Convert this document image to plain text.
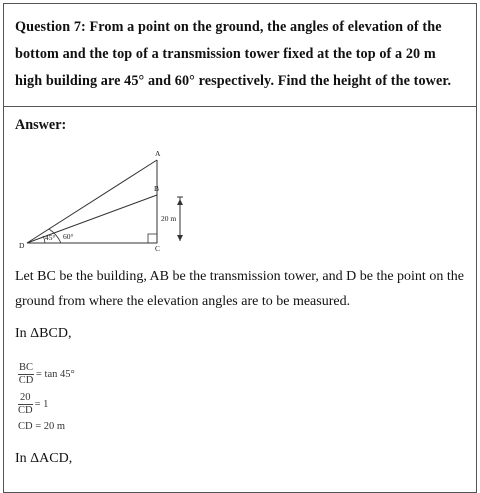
Question 7: From a point on the ground, the angles of elevation of the bottom and the top of a transmission tower fixed at the top of a 20 m high building are 45° and 60° respectively. Find the height of the tower.
Answer:
A
B
C
D
45° 60°
20 m
Let BC be the building, AB be the transmission tower, and D be the point on the ground from where the elevation angles are to be measured.
In ΔBCD,
$\frac{BC}{CD} = \tan 45^\circ$
$\frac{20}{CD} = 1$
CD = 20 m
In ΔACD,
